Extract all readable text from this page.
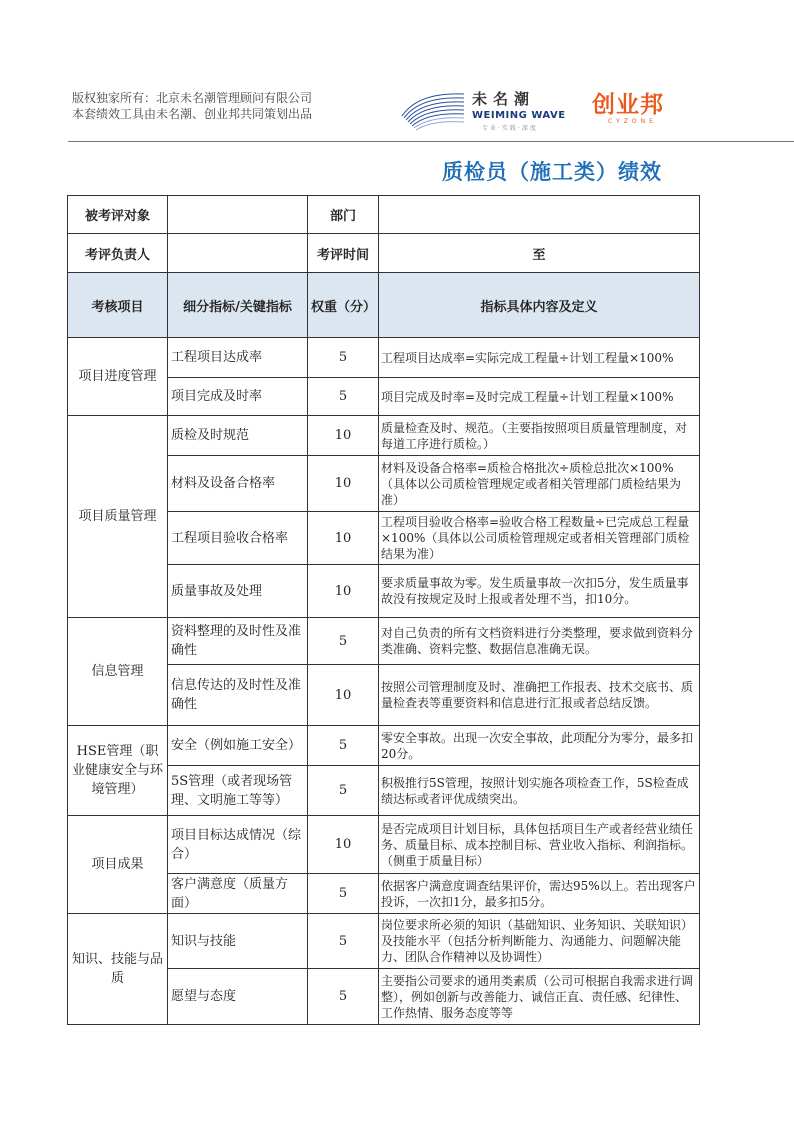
版权独家所有：北京未名潮管理顾问有限公司
本套绩效工具由未名潮、创业邦共同策划出品
未名潮
WEIMING WAVE
专业·实践·深度
创业邦
CYZONE
质检员（施工类）绩效
被考评对象		部门	
考评负责人		考评时间	至
考核项目	细分指标/关键指标	权重（分）	指标具体内容及定义
项目进度管理	工程项目达成率	5	工程项目达成率=实际完成工程量÷计划工程量×100%
	项目完成及时率	5	项目完成及时率=及时完成工程量÷计划工程量×100%
项目质量管理	质检及时规范	10	质量检查及时、规范。（主要指按照项目质量管理制度，对每道工序进行质检。）
	材料及设备合格率	10	材料及设备合格率=质检合格批次÷质检总批次×100%（具体以公司质检管理规定或者相关管理部门质检结果为准）
	工程项目验收合格率	10	工程项目验收合格率=验收合格工程数量÷已完成总工程量×100%（具体以公司质检管理规定或者相关管理部门质检结果为准）
	质量事故及处理	10	要求质量事故为零。发生质量事故一次扣5分，发生质量事故没有按规定及时上报或者处理不当，扣10分。
信息管理	资料整理的及时性及准确性	5	对自己负责的所有文档资料进行分类整理，要求做到资料分类准确、资料完整、数据信息准确无误。
	信息传达的及时性及准确性	10	按照公司管理制度及时、准确把工作报表、技术交底书、质量检查表等重要资料和信息进行汇报或者总结反馈。
HSE管理（职业健康安全与环境管理）	安全（例如施工安全）	5	零安全事故。出现一次安全事故，此项配分为零分，最多扣20分。
	5S管理（或者现场管理、文明施工等等）	5	积极推行5S管理，按照计划实施各项检查工作，5S检查成绩达标或者评优成绩突出。
项目成果	项目目标达成情况（综合）	10	是否完成项目计划目标，具体包括项目生产或者经营业绩任务、质量目标、成本控制目标、营业收入指标、利润指标。（侧重于质量目标）
	客户满意度（质量方面）	5	依据客户满意度调查结果评价，需达95%以上。若出现客户投诉，一次扣1分，最多扣5分。
知识、技能与品质	知识与技能	5	岗位要求所必须的知识（基础知识、业务知识、关联知识）及技能水平（包括分析判断能力、沟通能力、问题解决能力、团队合作精神以及协调性）
	愿望与态度	5	主要指公司要求的通用类素质（公司可根据自我需求进行调整），例如创新与改善能力、诚信正直、责任感、纪律性、工作热情、服务态度等等
